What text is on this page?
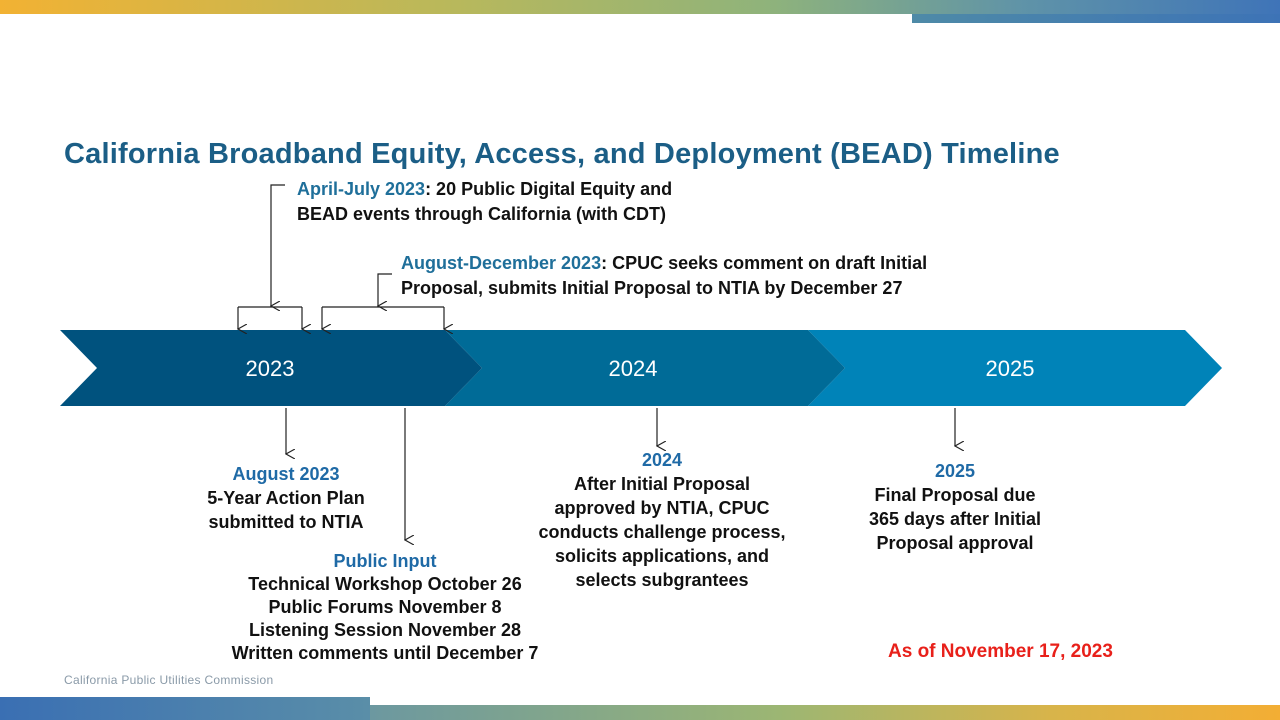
California Broadband Equity, Access, and Deployment (BEAD) Timeline
April-July 2023: 20 Public Digital Equity and
BEAD events through California (with CDT)
August-December 2023: CPUC seeks comment on draft Initial
Proposal, submits Initial Proposal to NTIA by December 27
2023	2024	2025
August 2023
5-Year Action Plan
submitted to NTIA
Public Input
Technical Workshop October 26
Public Forums November 8
Listening Session November 28
Written comments until December 7
2024
After Initial Proposal
approved by NTIA, CPUC
conducts challenge process,
solicits applications, and
selects subgrantees
2025
Final Proposal due
365 days after Initial
Proposal approval
As of November 17, 2023
California Public Utilities Commission
